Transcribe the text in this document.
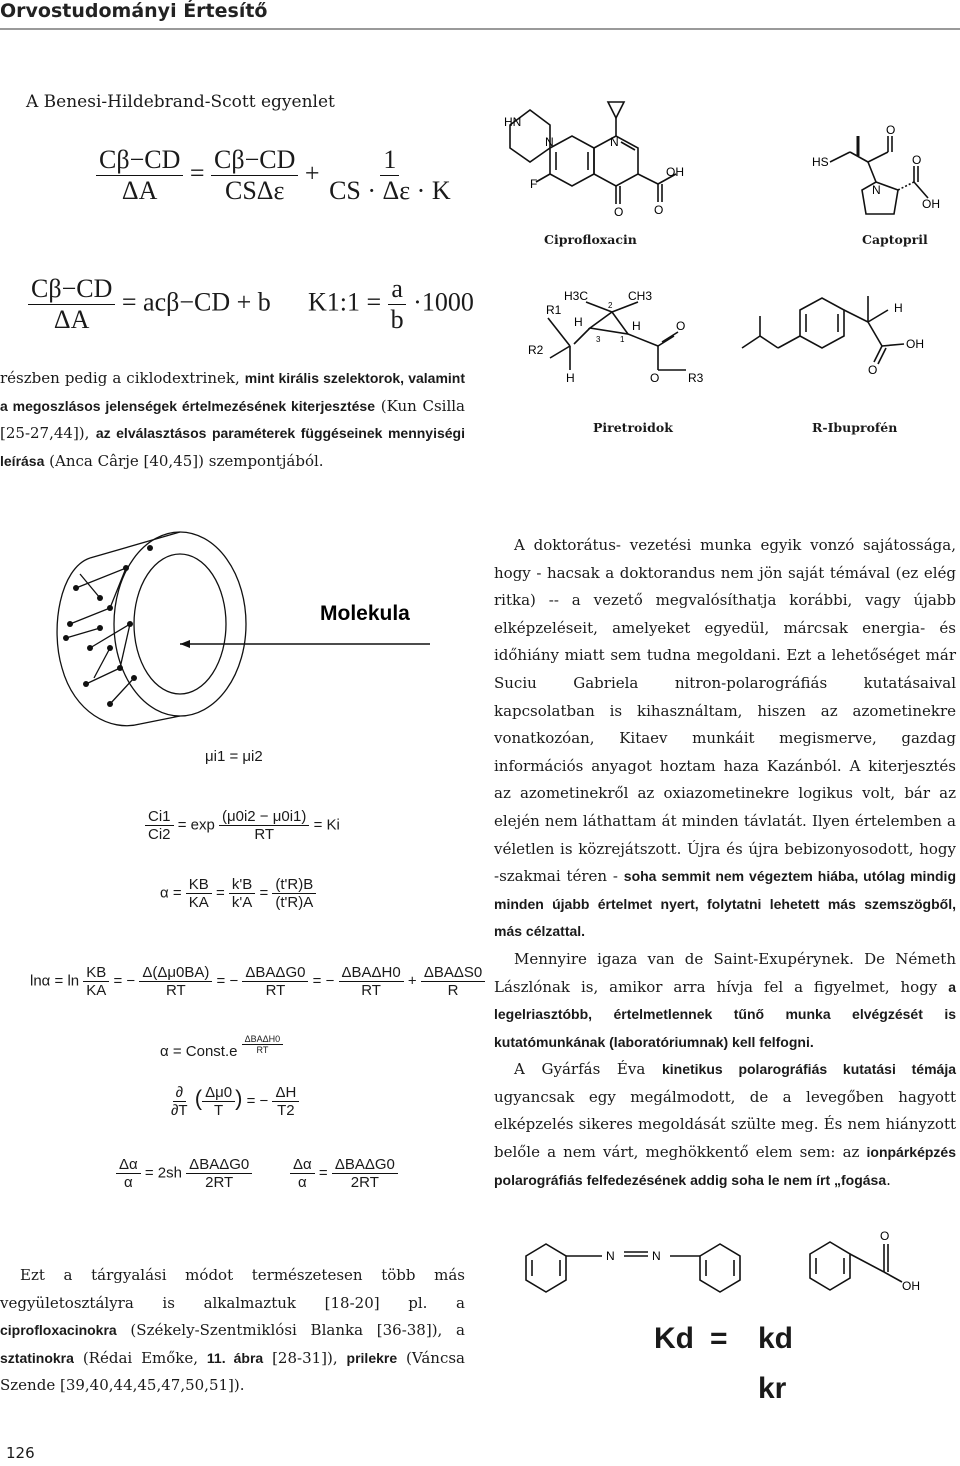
Orvostudományi Értesítő
A Benesi-Hildebrand-Scott egyenlet
$\frac{C\beta-CD}{\Delta A} = \frac{C\beta-CD}{\text{CSΔε}} + \frac{1}{CS \cdot \Delta\varepsilon \cdot K}$
$\frac{C\beta-CD}{\Delta A} = ac\beta-CD + b$ K1:1 = $\frac{a}{b} \cdot 1000$
HN
N	N
F
O	O
OH
HS
O
N
O
OH
R1
R2
H
H	H
H3C	CH3
2
3 1
O
O R3
H
OH
O
Ciprofloxacin	Captopril
Piretroidok	R-Ibuprofén
részben pedig a ciklodextrinek, mint királis szelektorok, valamint a megoszlásos jelenségek értelmezésének kiterjesztése (Kun Csilla [25-27,44]), az elválasztásos paraméterek függéseinek mennyiségi leírása (Anca Cârje [40,45]) szempontjából.
Molekula
μi1 = μi2
$\frac{Ci1}{Ci2} = \exp \frac{(\mu 0i2 - \mu 0i1)}{RT} = Ki$
$\alpha = \frac{KB}{KA} = \frac{k'B}{k'A} = \frac{(t'R)B}{(t'R)A}$
$\ln\alpha = \ln \frac{KB}{KA}$ = − $\frac{\Delta(\Delta\mu 0BA)}{RT}$ = − $\frac{\text{ΔBAΔG0}}{RT}$ = − $\frac{\text{ΔBAΔH0}}{RT} + \frac{\text{ΔBAΔS0}}{R}$
α = Const.e $\frac{\text{ΔBAΔH0}}{RT}$
$\frac{\partial}{\partial T}$ ( $\frac{\Delta\mu 0}{T}$ ) = − $\frac{\Delta H}{T2}$
$\frac{\Delta\alpha}{\alpha} = 2sh \frac{\text{ΔBAΔG0}}{2RT}$	$\frac{\Delta\alpha}{\alpha} = \frac{\text{ΔBAΔG0}}{2RT}$

A doktorátus- vezetési munka egyik vonzó sajátossága, hogy - hacsak a doktorandus nem jön saját témával (ez elég ritka) -- a vezető megvalósíthatja korábbi, vagy újabb elképzeléseit, amelyeket egyedül, márcsak energia- és időhiány miatt sem tudna megoldani. Ezt a lehetőséget már Suciu Gabriela nitron-polarográfiás kutatásaival kapcsolatban is kihasználtam, hiszen az azometinekre vonatkozóan, Kitaev munkáit megismerve, gazdag információs anyagot hoztam haza Kazánból. A kiterjesztés az azometinekről az oxiazometinekre logikus volt, bár az elején nem láthattam át minden távlatát. Ilyen értelemben a véletlen is közrejátszott. Újra és újra bebizonyosodott, hogy -szakmai téren - soha semmit nem végeztem hiába, utólag mindig minden újabb értelmet nyert, folytatni lehetett más szemszögből, más célzattal.

Mennyire igaza van de Saint-Exupérynek. De Németh Lászlónak is, amikor arra hívja fel a figyelmet, hogy a legelriasztóbb, értelmetlennek tűnő munka elvégzését is kutatómunkának (laboratóriumnak) kell felfogni.

A Gyárfás Éva kinetikus polarográfiás kutatási témája ugyancsak egy megálmodott, de a levegőben hagyott elképzelés sikeres megoldását szülte meg. És nem hiányzott belőle a nem várt, meghökkentő elem sem: az ionpárképzés polarográfiás felfedezésének addig soha le nem írt „fogása.

N	N
O
OH
Kd = kd
kr

Ezt a tárgyalási módot természetesen több más vegyületosztályra is alkalmaztuk [18-20] pl. a ciprofloxacinokra (Székely-Szentmiklósi Blanka [36-38]), a sztatinokra (Rédai Emőke, 11. ábra [28-31]), prilekre (Váncsa Szende [39,40,44,45,47,50,51]).

126
